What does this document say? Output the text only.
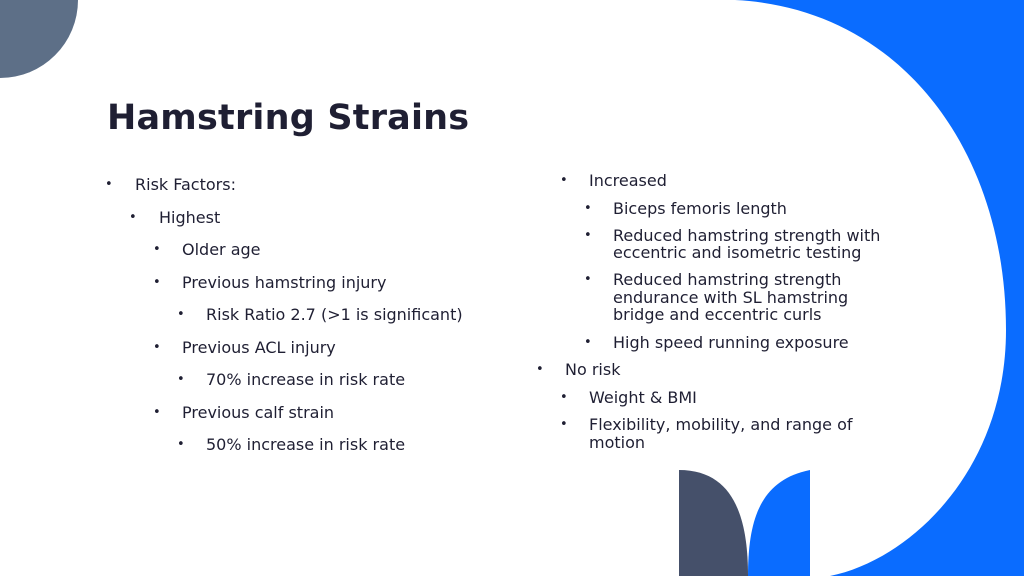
Hamstring Strains
• Risk Factors:
• Highest
• Older age
• Previous hamstring injury
• Risk Ratio 2.7 (>1 is significant)
• Previous ACL injury
• 70% increase in risk rate
• Previous calf strain
• 50% increase in risk rate
• Increased
• Biceps femoris length
• Reduced hamstring strength with
eccentric and isometric testing
• Reduced hamstring strength
endurance with SL hamstring
bridge and eccentric curls
• High speed running exposure
• No risk
• Weight & BMI
• Flexibility, mobility, and range of
motion
